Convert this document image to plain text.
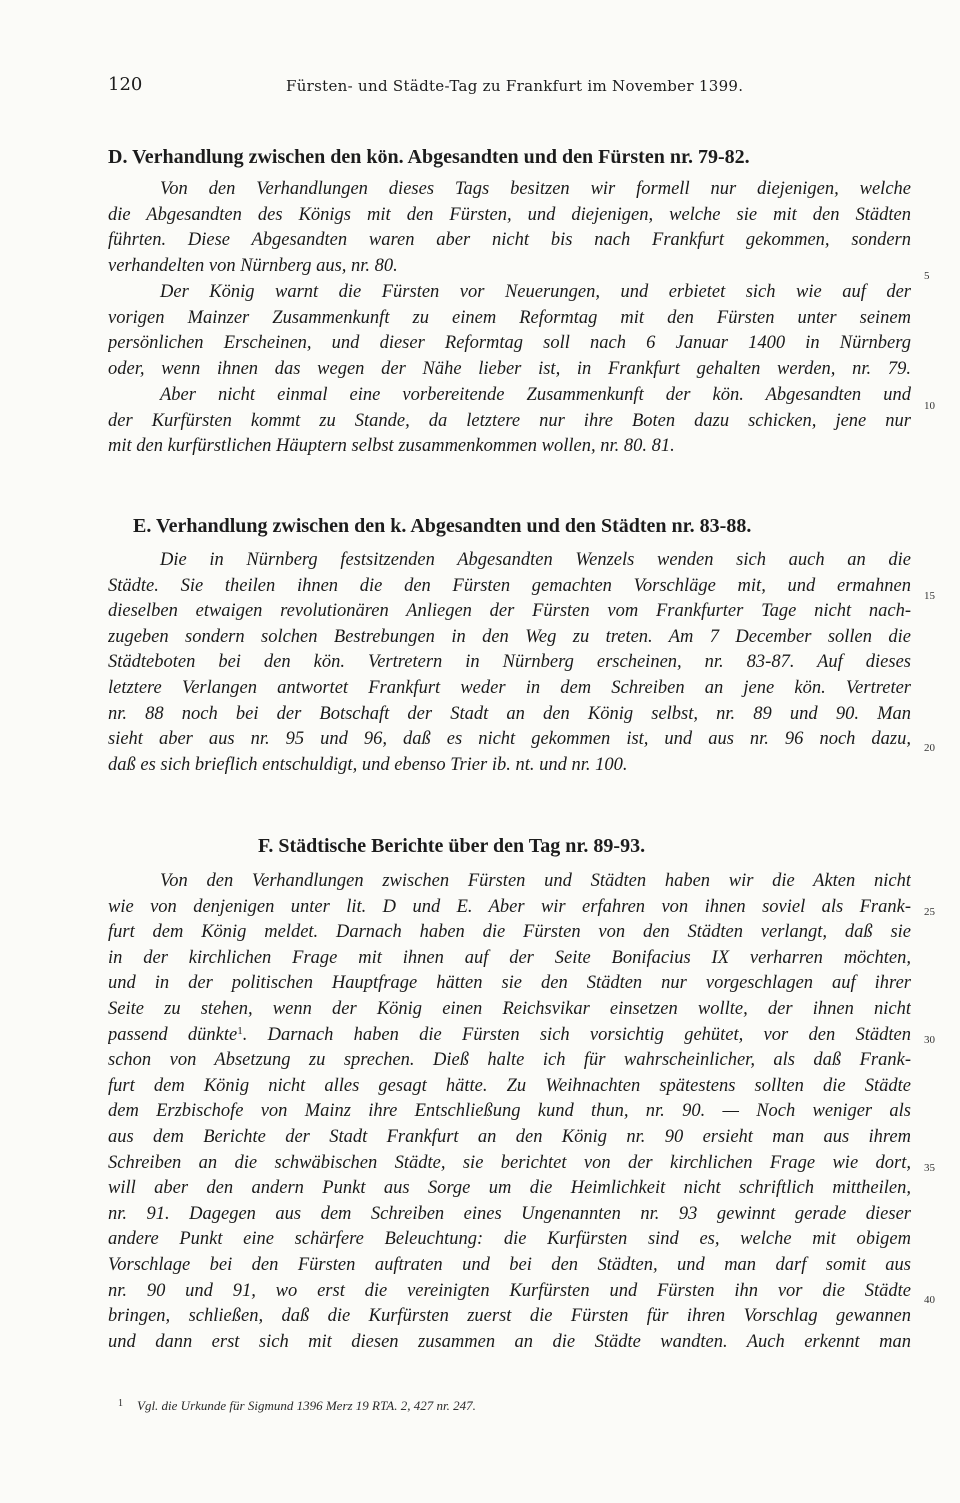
120	Fürsten- und Städte-Tag zu Frankfurt im November 1399.
D. Verhandlung zwischen den kön. Abgesandten und den Fürsten nr. 79-82.
Von den Verhandlungen dieses Tags besitzen wir formell nur diejenigen, welche
die Abgesandten des Königs mit den Fürsten, und diejenigen, welche sie mit den Städten
führten. Diese Abgesandten waren aber nicht bis nach Frankfurt gekommen, sondern
verhandelten von Nürnberg aus, nr. 80.
Der König warnt die Fürsten vor Neuerungen, und erbietet sich wie auf der
vorigen Mainzer Zusammenkunft zu einem Reformtag mit den Fürsten unter seinem
persönlichen Erscheinen, und dieser Reformtag soll nach 6 Januar 1400 in Nürnberg
oder, wenn ihnen das wegen der Nähe lieber ist, in Frankfurt gehalten werden, nr. 79.
Aber nicht einmal eine vorbereitende Zusammenkunft der kön. Abgesandten und
der Kurfürsten kommt zu Stande, da letztere nur ihre Boten dazu schicken, jene nur
mit den kurfürstlichen Häuptern selbst zusammenkommen wollen, nr. 80. 81.
E. Verhandlung zwischen den k. Abgesandten und den Städten nr. 83-88.
Die in Nürnberg festsitzenden Abgesandten Wenzels wenden sich auch an die
Städte. Sie theilen ihnen die den Fürsten gemachten Vorschläge mit, und ermahnen
dieselben etwaigen revolutionären Anliegen der Fürsten vom Frankfurter Tage nicht nach-
zugeben sondern solchen Bestrebungen in den Weg zu treten. Am 7 December sollen die
Städteboten bei den kön. Vertretern in Nürnberg erscheinen, nr. 83-87. Auf dieses
letztere Verlangen antwortet Frankfurt weder in dem Schreiben an jene kön. Vertreter
nr. 88 noch bei der Botschaft der Stadt an den König selbst, nr. 89 und 90. Man
sieht aber aus nr. 95 und 96, daß es nicht gekommen ist, und aus nr. 96 noch dazu,
daß es sich brieflich entschuldigt, und ebenso Trier ib. nt. und nr. 100.
F. Städtische Berichte über den Tag nr. 89-93.
Von den Verhandlungen zwischen Fürsten und Städten haben wir die Akten nicht
wie von denjenigen unter lit. D und E. Aber wir erfahren von ihnen soviel als Frank-
furt dem König meldet. Darnach haben die Fürsten von den Städten verlangt, daß sie
in der kirchlichen Frage mit ihnen auf der Seite Bonifacius IX verharren möchten,
und in der politischen Hauptfrage hätten sie den Städten nur vorgeschlagen auf ihrer
Seite zu stehen, wenn der König einen Reichsvikar einsetzen wollte, der ihnen nicht
passend dünkte$^1$. Darnach haben die Fürsten sich vorsichtig gehütet, vor den Städten
schon von Absetzung zu sprechen. Dieß halte ich für wahrscheinlicher, als daß Frank-
furt dem König nicht alles gesagt hätte. Zu Weihnachten spätestens sollten die Städte
dem Erzbischofe von Mainz ihre Entschließung kund thun, nr. 90. — Noch weniger als
aus dem Berichte der Stadt Frankfurt an den König nr. 90 ersieht man aus ihrem
Schreiben an die schwäbischen Städte, sie berichtet von der kirchlichen Frage wie dort,
will aber den andern Punkt aus Sorge um die Heimlichkeit nicht schriftlich mittheilen,
nr. 91. Dagegen aus dem Schreiben eines Ungenannten nr. 93 gewinnt gerade dieser
andere Punkt eine schärfere Beleuchtung: die Kurfürsten sind es, welche mit obigem
Vorschlage bei den Fürsten auftraten und bei den Städten, und man darf somit aus
nr. 90 und 91, wo erst die vereinigten Kurfürsten und Fürsten ihn vor die Städte
bringen, schließen, daß die Kurfürsten zuerst die Fürsten für ihren Vorschlag gewannen
und dann erst sich mit diesen zusammen an die Städte wandten. Auch erkennt man
5
10
15
20
25
30
35
40
$^1$ Vgl. die Urkunde für Sigmund 1396 Merz 19 RTA. 2, 427 nr. 247.
